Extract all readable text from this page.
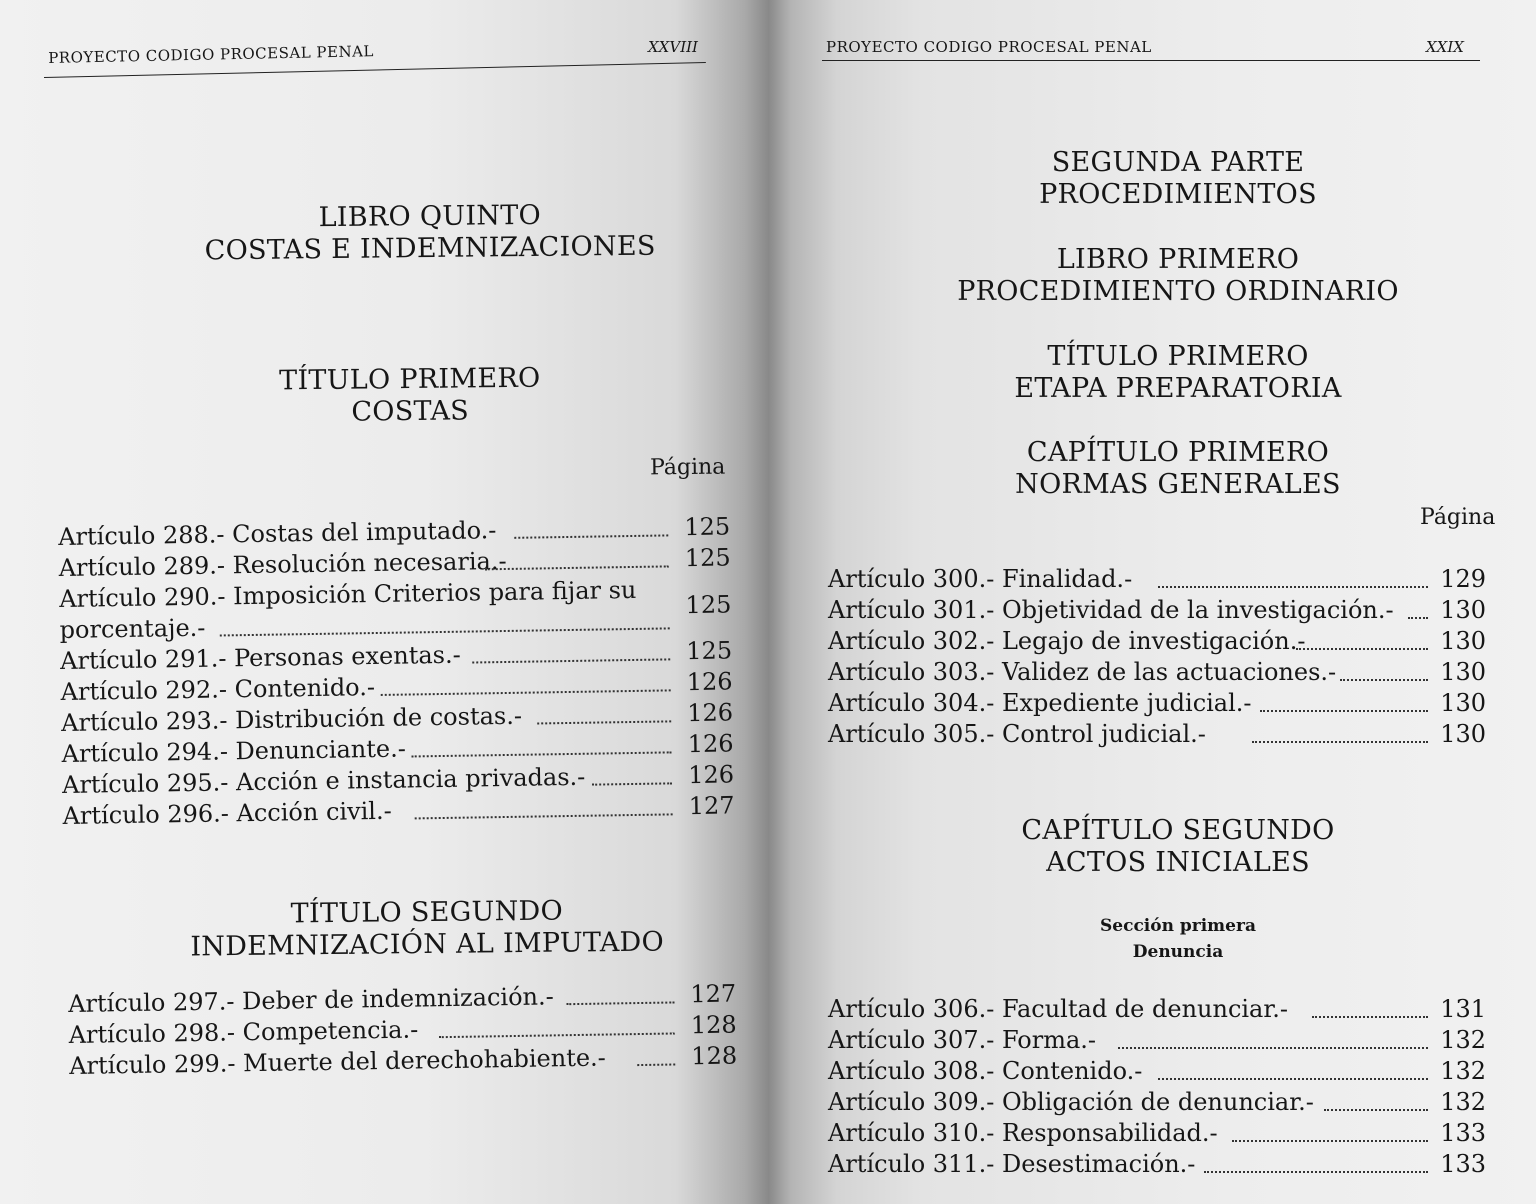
PROYECTO CODIGO PROCESAL PENAL	XXVIII
LIBRO QUINTO
COSTAS E INDEMNIZACIONES
TÍTULO PRIMERO
COSTAS
Página
Artículo 288.- Costas del imputado.-	125
Artículo 289.- Resolución necesaria.-	125
Artículo 290.- Imposición Criterios para fijar su
porcentaje.-
125
Artículo 291.- Personas exentas.-	125
Artículo 292.- Contenido.-	126
Artículo 293.- Distribución de costas.-	126
Artículo 294.- Denunciante.-	126
Artículo 295.- Acción e instancia privadas.-	126
Artículo 296.- Acción civil.-	127
TÍTULO SEGUNDO
INDEMNIZACIÓN AL IMPUTADO
Artículo 297.- Deber de indemnización.-	127
Artículo 298.- Competencia.-	128
Artículo 299.- Muerte del derechohabiente.-	128
PROYECTO CODIGO PROCESAL PENAL	XXIX
SEGUNDA PARTE
PROCEDIMIENTOS
LIBRO PRIMERO
PROCEDIMIENTO ORDINARIO
TÍTULO PRIMERO
ETAPA PREPARATORIA
CAPÍTULO PRIMERO
NORMAS GENERALES
Página
Artículo 300.- Finalidad.-	129
Artículo 301.- Objetividad de la investigación.- 130
Artículo 302.- Legajo de investigación.-	130
Artículo 303.- Validez de las actuaciones.-	130
Artículo 304.- Expediente judicial.-	130
Artículo 305.- Control judicial.-	130
CAPÍTULO SEGUNDO
ACTOS INICIALES
Sección primera
Denuncia
Artículo 306.- Facultad de denunciar.-	131
Artículo 307.- Forma.-	132
Artículo 308.- Contenido.-	132
Artículo 309.- Obligación de denunciar.-	132
Artículo 310.- Responsabilidad.-	133
Artículo 311.- Desestimación.-	133
